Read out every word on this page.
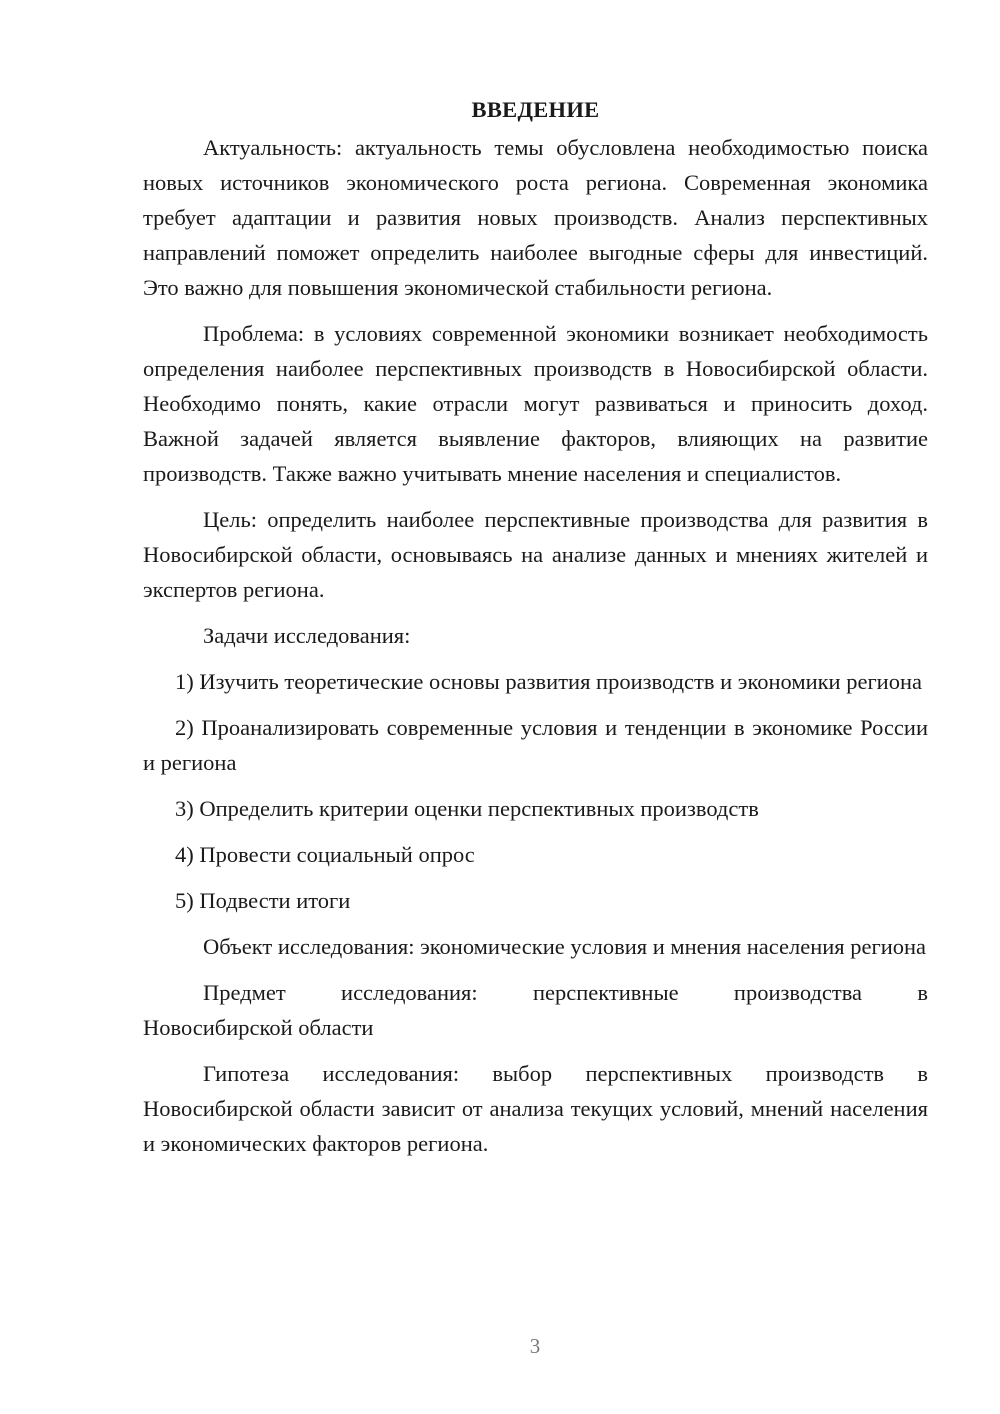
ВВЕДЕНИЕ

Актуальность: актуальность темы обусловлена необходимостью поиска новых источников экономического роста региона. Современная экономика требует адаптации и развития новых производств. Анализ перспективных направлений поможет определить наиболее выгодные сферы для инвестиций. Это важно для повышения экономической стабильности региона.

Проблема: в условиях современной экономики возникает необходимость определения наиболее перспективных производств в Новосибирской области. Необходимо понять, какие отрасли могут развиваться и приносить доход. Важной задачей является выявление факторов, влияющих на развитие производств. Также важно учитывать мнение населения и специалистов.

Цель: определить наиболее перспективные производства для развития в Новосибирской области, основываясь на анализе данных и мнениях жителей и экспертов региона.

Задачи исследования:

1) Изучить теоретические основы развития производств и экономики региона

2) Проанализировать современные условия и тенденции в экономике России и региона

3) Определить критерии оценки перспективных производств

4) Провести социальный опрос

5) Подвести итоги

Объект исследования: экономические условия и мнения населения региона

Предмет исследования: перспективные производства в

Новосибирской области

Гипотеза исследования: выбор перспективных производств в Новосибирской области зависит от анализа текущих условий, мнений населения и экономических факторов региона.

3
